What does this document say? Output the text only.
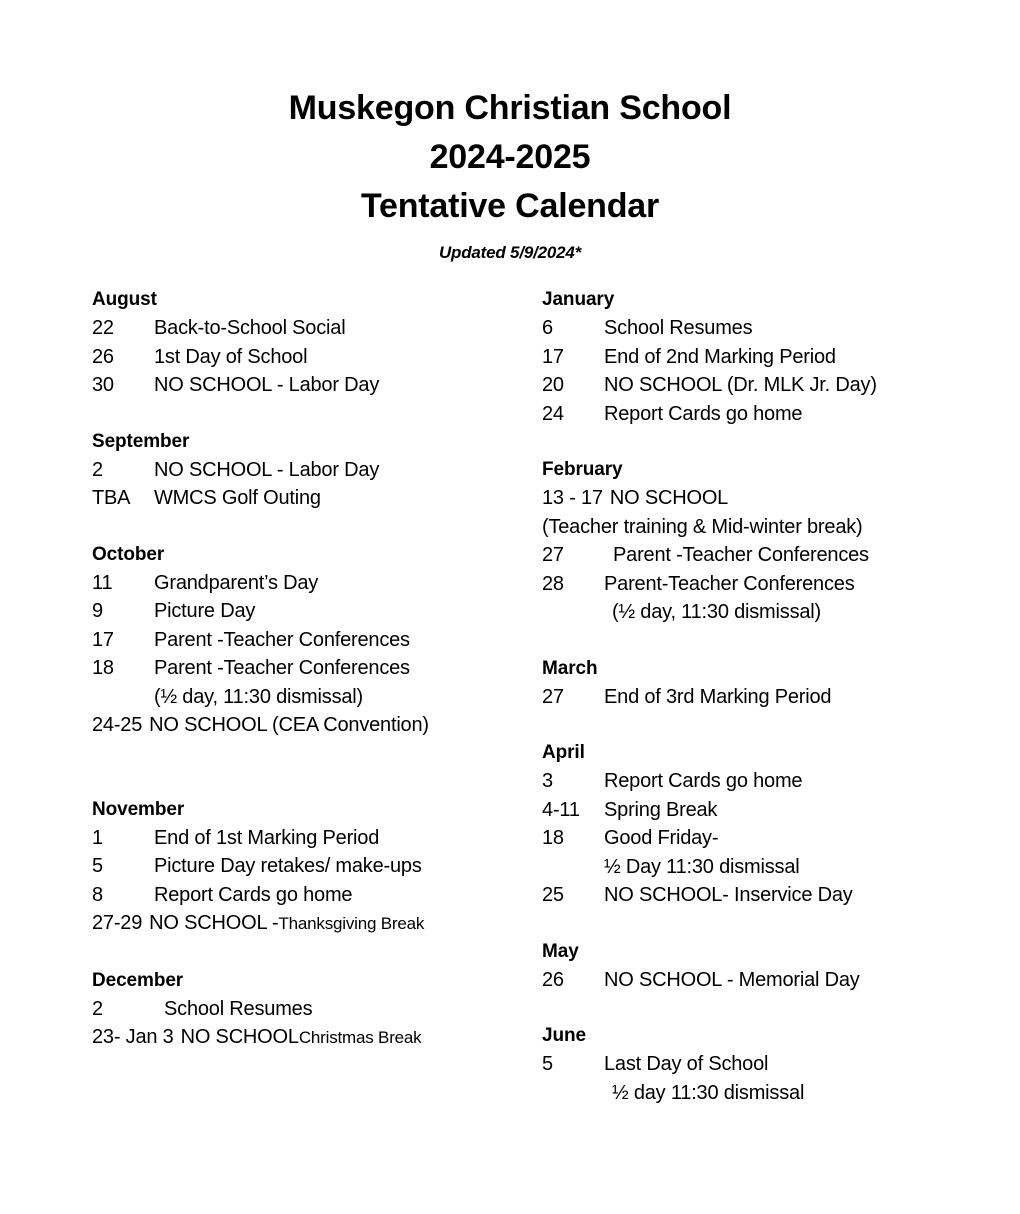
Muskegon Christian School
2024-2025
Tentative Calendar
Updated 5/9/2024*
August
22	Back-to-School Social
26	1st Day of School
30	NO SCHOOL - Labor Day
September
2	NO SCHOOL - Labor Day
TBA	WMCS Golf Outing
October
11	Grandparent’s Day
9	Picture Day
17	Parent -Teacher Conferences
18	Parent -Teacher Conferences
(½ day, 11:30 dismissal)
24-25 NO SCHOOL (CEA Convention)
November
1	End of 1st Marking Period
5	Picture Day retakes/ make-ups
8	Report Cards go home
27-29 NO SCHOOL - Thanksgiving Break
December
2	School Resumes
23- Jan 3 NO SCHOOL Christmas Break
January
6	School Resumes
17	End of 2nd Marking Period
20	NO SCHOOL (Dr. MLK Jr. Day)
24	Report Cards go home
February
13 - 17 NO SCHOOL
(Teacher training & Mid-winter break)
27	Parent -Teacher Conferences
28	Parent-Teacher Conferences
(½ day, 11:30 dismissal)
March
27	End of 3rd Marking Period
April
3	Report Cards go home
4-11	Spring Break
18	Good Friday-
½ Day 11:30 dismissal
25	NO SCHOOL- Inservice Day
May
26	NO SCHOOL - Memorial Day
June
5	Last Day of School
½ day 11:30 dismissal
